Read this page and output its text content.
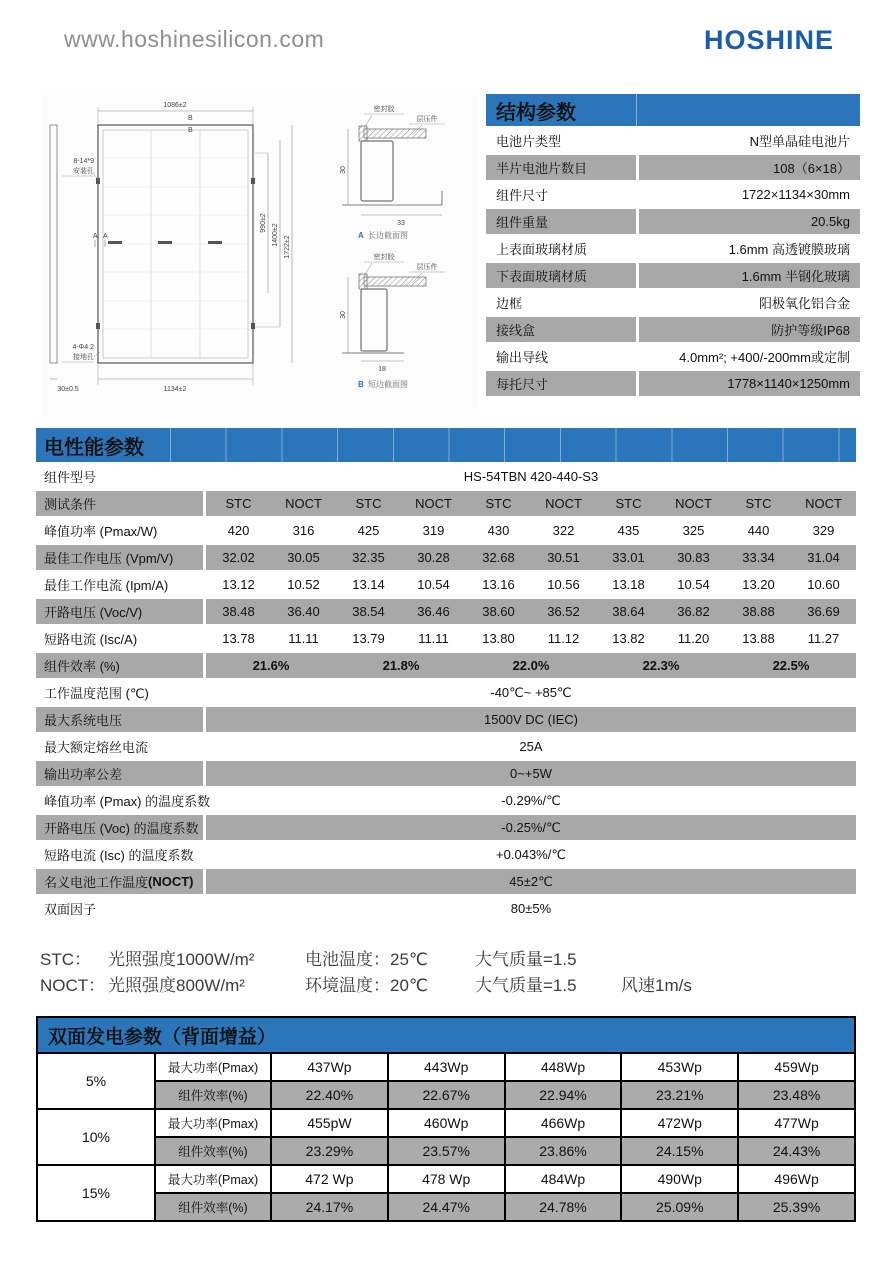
www.hoshinesilicon.com	HOSHINE
1086±2
B
B
1134±2
30±0.5
8-14*9
安装孔
4-Φ4.2
接地孔
A A
990±2
1400±2
1722±2
密封胶
层压件
30
33
A 长边截面图
密封胶
层压件
30
18
B 短边截面图
结构参数
电池片类型	N型单晶硅电池片
半片电池片数目	108（6×18）
组件尺寸	1722×1134×30mm
组件重量	20.5kg
上表面玻璃材质	1.6mm 高透镀膜玻璃
下表面玻璃材质	1.6mm 半钢化玻璃
边框	阳极氧化铝合金
接线盒	防护等级IP68
输出导线	4.0mm²; +400/-200mm或定制
每托尺寸	1778×1140×1250mm
电性能参数
组件型号	HS-54TBN 420-440-S3
测试条件	STC	NOCT	STC	NOCT	STC	NOCT	STC	NOCT	STC	NOCT
峰值功率 (Pmax/W)	420	316	425	319	430	322	435	325	440	329
最佳工作电压 (Vpm/V)	32.02	30.05	32.35	30.28	32.68	30.51	33.01	30.83	33.34	31.04
最佳工作电流 (Ipm/A)	13.12	10.52	13.14	10.54	13.16	10.56	13.18	10.54	13.20	10.60
开路电压 (Voc/V)	38.48	36.40	38.54	36.46	38.60	36.52	38.64	36.82	38.88	36.69
短路电流 (Isc/A)	13.78	11.11	13.79	11.11	13.80	11.12	13.82	11.20	13.88	11.27
组件效率 (%)	21.6%	21.8%	22.0%	22.3%	22.5%
工作温度范围 (℃)	-40℃~ +85℃
最大系统电压	1500V DC (IEC)
最大额定熔丝电流	25A
输出功率公差	0~+5W
峰值功率 (Pmax) 的温度系数	-0.29%/℃
开路电压 (Voc) 的温度系数	-0.25%/℃
短路电流 (Isc) 的温度系数	+0.043%/℃
名义电池工作温度 (NOCT)	45±2℃
双面因子	80±5%
STC：	光照强度1000W/m²	电池温度：25℃	大气质量=1.5
NOCT： 光照强度800W/m²	环境温度：20℃	大气质量=1.5	风速1m/s
双面发电参数（背面增益）
5%
最大功率(Pmax)	437Wp	443Wp	448Wp	453Wp	459Wp
组件效率(%)	22.40%	22.67%	22.94%	23.21%	23.48%
10%
最大功率(Pmax)	455pW	460Wp	466Wp	472Wp	477Wp
组件效率(%)	23.29%	23.57%	23.86%	24.15%	24.43%
15%
最大功率(Pmax)	472 Wp	478 Wp	484Wp	490Wp	496Wp
组件效率(%)	24.17%	24.47%	24.78%	25.09%	25.39%
